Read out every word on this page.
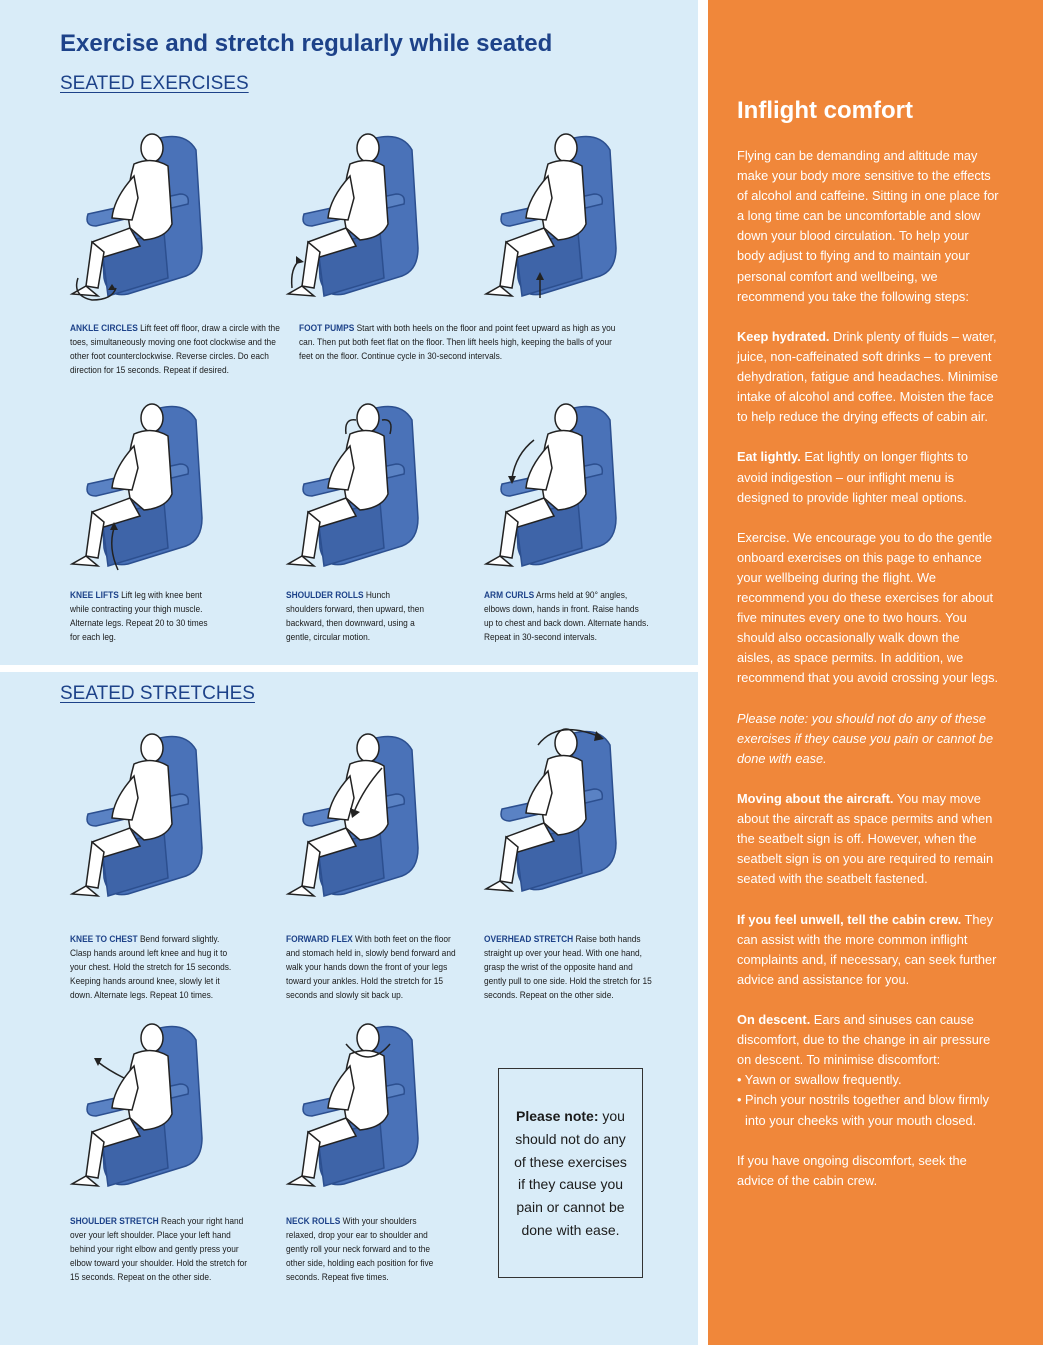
Exercise and stretch regularly while seated
SEATED EXERCISES
ANKLE CIRCLES Lift feet off floor, draw a circle with the toes, simultaneously moving one foot clockwise and the other foot counterclockwise. Reverse circles. Do each direction for 15 seconds. Repeat if desired.
FOOT PUMPS Start with both heels on the floor and point feet upward as high as you can. Then put both feet flat on the floor. Then lift heels high, keeping the balls of your feet on the floor. Continue cycle in 30-second intervals.
KNEE LIFTS Lift leg with knee bent while contracting your thigh muscle. Alternate legs. Repeat 20 to 30 times for each leg.
SHOULDER ROLLS Hunch shoulders forward, then upward, then backward, then downward, using a gentle, circular motion.
ARM CURLS Arms held at 90° angles, elbows down, hands in front. Raise hands up to chest and back down. Alternate hands. Repeat in 30-second intervals.
SEATED STRETCHES
KNEE TO CHEST Bend forward slightly. Clasp hands around left knee and hug it to your chest. Hold the stretch for 15 seconds. Keeping hands around knee, slowly let it down. Alternate legs. Repeat 10 times.
FORWARD FLEX With both feet on the floor and stomach held in, slowly bend forward and walk your hands down the front of your legs toward your ankles. Hold the stretch for 15 seconds and slowly sit back up.
OVERHEAD STRETCH Raise both hands straight up over your head. With one hand, grasp the wrist of the opposite hand and gently pull to one side. Hold the stretch for 15 seconds. Repeat on the other side.
SHOULDER STRETCH Reach your right hand over your left shoulder. Place your left hand behind your right elbow and gently press your elbow toward your shoulder. Hold the stretch for 15 seconds. Repeat on the other side.
NECK ROLLS With your shoulders relaxed, drop your ear to shoulder and gently roll your neck forward and to the other side, holding each position for five seconds. Repeat five times.
Please note: you should not do any of these exercises if they cause you pain or cannot be done with ease.
Inflight comfort

Flying can be demanding and altitude may make your body more sensitive to the effects of alcohol and caffeine. Sitting in one place for a long time can be uncomfortable and slow down your blood circulation. To help your body adjust to flying and to maintain your personal comfort and wellbeing, we recommend you take the following steps:

Keep hydrated. Drink plenty of fluids – water, juice, non-caffeinated soft drinks – to prevent dehydration, fatigue and headaches. Minimise intake of alcohol and coffee. Moisten the face to help reduce the drying effects of cabin air.

Eat lightly. Eat lightly on longer flights to avoid indigestion – our inflight menu is designed to provide lighter meal options.

Exercise. We encourage you to do the gentle onboard exercises on this page to enhance your wellbeing during the flight. We recommend you do these exercises for about five minutes every one to two hours. You should also occasionally walk down the aisles, as space permits. In addition, we recommend that you avoid crossing your legs.

Please note: you should not do any of these exercises if they cause you pain or cannot be done with ease.

Moving about the aircraft. You may move about the aircraft as space permits and when the seatbelt sign is off. However, when the seatbelt sign is on you are required to remain seated with the seatbelt fastened.

If you feel unwell, tell the cabin crew. They can assist with the more common inflight complaints and, if necessary, can seek further advice and assistance for you.

On descent. Ears and sinuses can cause discomfort, due to the change in air pressure on descent. To minimise discomfort:

• Yawn or swallow frequently.
• Pinch your nostrils together and blow firmly into your cheeks with your mouth closed.

If you have ongoing discomfort, seek the advice of the cabin crew.
